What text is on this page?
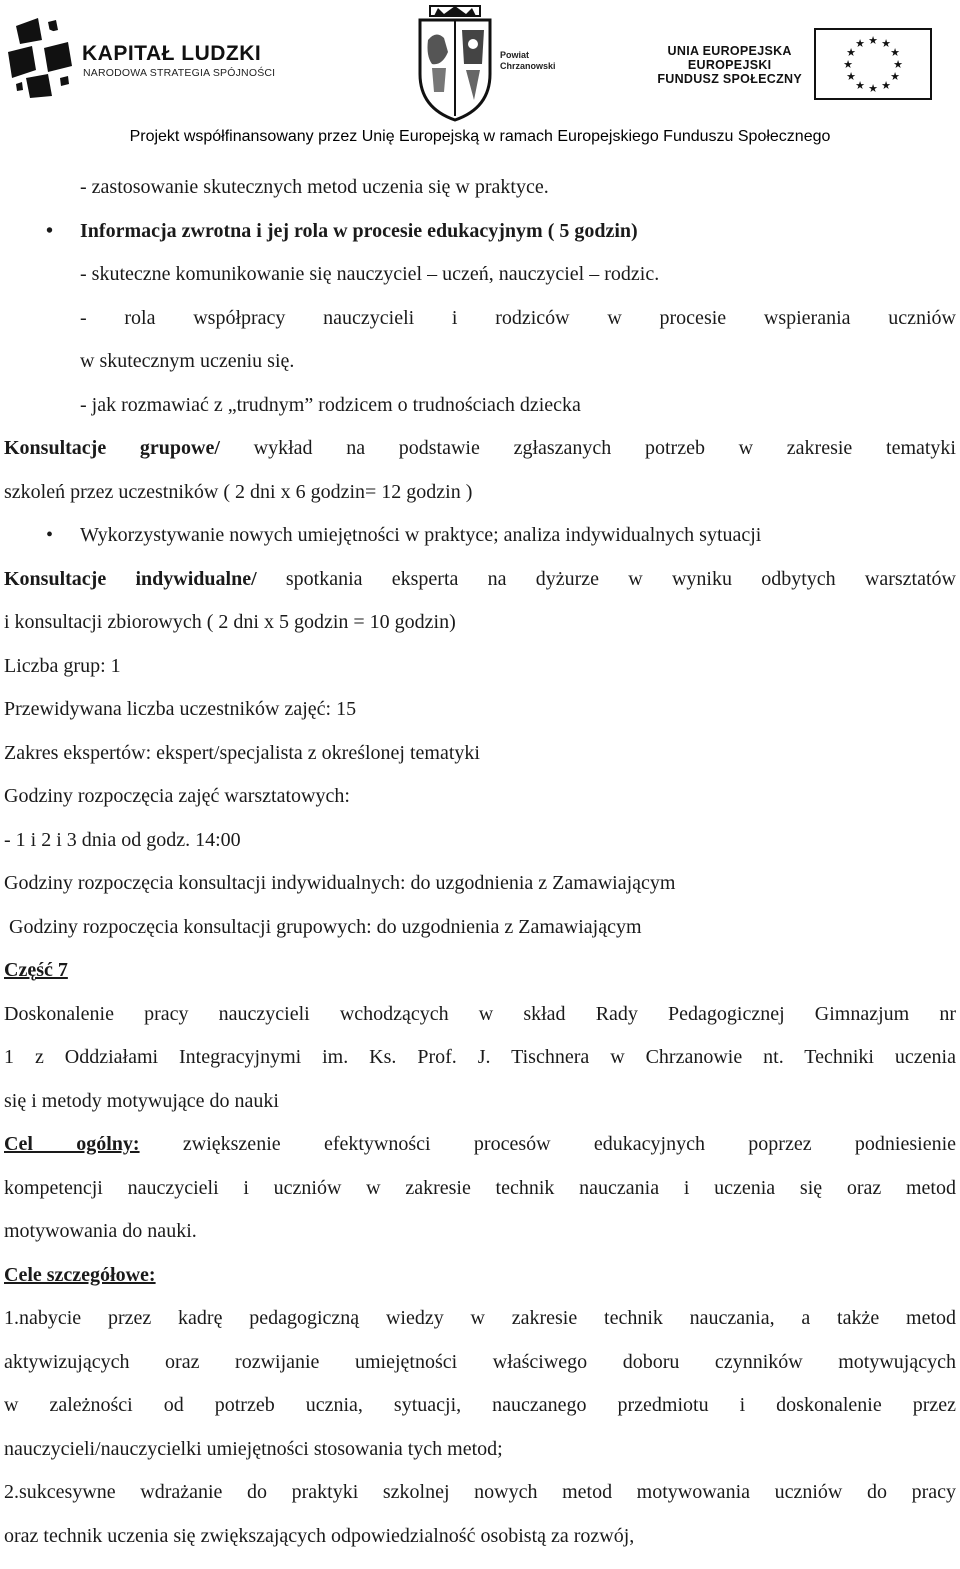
KAPITAŁ LUDZKI
NARODOWA STRATEGIA SPÓJNOŚCI
Powiat
Chrzanowski
UNIA EUROPEJSKA
EUROPEJSKI
FUNDUSZ SPOŁECZNY
★ ★
★
★
★
★
★
★
★
★
★
★
Projekt współfinansowany przez Unię Europejską w ramach Europejskiego Funduszu Społecznego

- zastosowanie skutecznych metod uczenia się w praktyce.

• Informacja zwrotna i jej rola w procesie edukacyjnym ( 5 godzin)

- skuteczne komunikowanie się nauczyciel – uczeń, nauczyciel – rodzic.

- rola współpracy nauczycieli i rodziców w procesie wspierania uczniów

w skutecznym uczeniu się.

- jak rozmawiać z „trudnym” rodzicem o trudnościach dziecka

Konsultacje grupowe/ wykład na podstawie zgłaszanych potrzeb w zakresie tematyki

szkoleń przez uczestników ( 2 dni x 6 godzin= 12 godzin )

• Wykorzystywanie nowych umiejętności w praktyce; analiza indywidualnych sytuacji

Konsultacje indywidualne/ spotkania eksperta na dyżurze w wyniku odbytych warsztatów

i konsultacji zbiorowych ( 2 dni x 5 godzin = 10 godzin)

Liczba grup: 1

Przewidywana liczba uczestników zajęć: 15

Zakres ekspertów: ekspert/specjalista z określonej tematyki

Godziny rozpoczęcia zajęć warsztatowych:

- 1 i 2 i 3 dnia od godz. 14:00

Godziny rozpoczęcia konsultacji indywidualnych: do uzgodnienia z Zamawiającym

Godziny rozpoczęcia konsultacji grupowych: do uzgodnienia z Zamawiającym

Część 7

Doskonalenie pracy nauczycieli wchodzących w skład Rady Pedagogicznej Gimnazjum nr

1 z Oddziałami Integracyjnymi im. Ks. Prof. J. Tischnera w Chrzanowie nt. Techniki uczenia

się i metody motywujące do nauki

Cel ogólny: zwiększenie efektywności procesów edukacyjnych poprzez podniesienie

kompetencji nauczycieli i uczniów w zakresie technik nauczania i uczenia się oraz metod

motywowania do nauki.

Cele szczegółowe:

1.nabycie przez kadrę pedagogiczną wiedzy w zakresie technik nauczania, a także metod

aktywizujących oraz rozwijanie umiejętności właściwego doboru czynników motywujących

w zależności od potrzeb ucznia, sytuacji, nauczanego przedmiotu i doskonalenie przez

nauczycieli/nauczycielki umiejętności stosowania tych metod;

2.sukcesywne wdrażanie do praktyki szkolnej nowych metod motywowania uczniów do pracy

oraz technik uczenia się zwiększających odpowiedzialność osobistą za rozwój,
